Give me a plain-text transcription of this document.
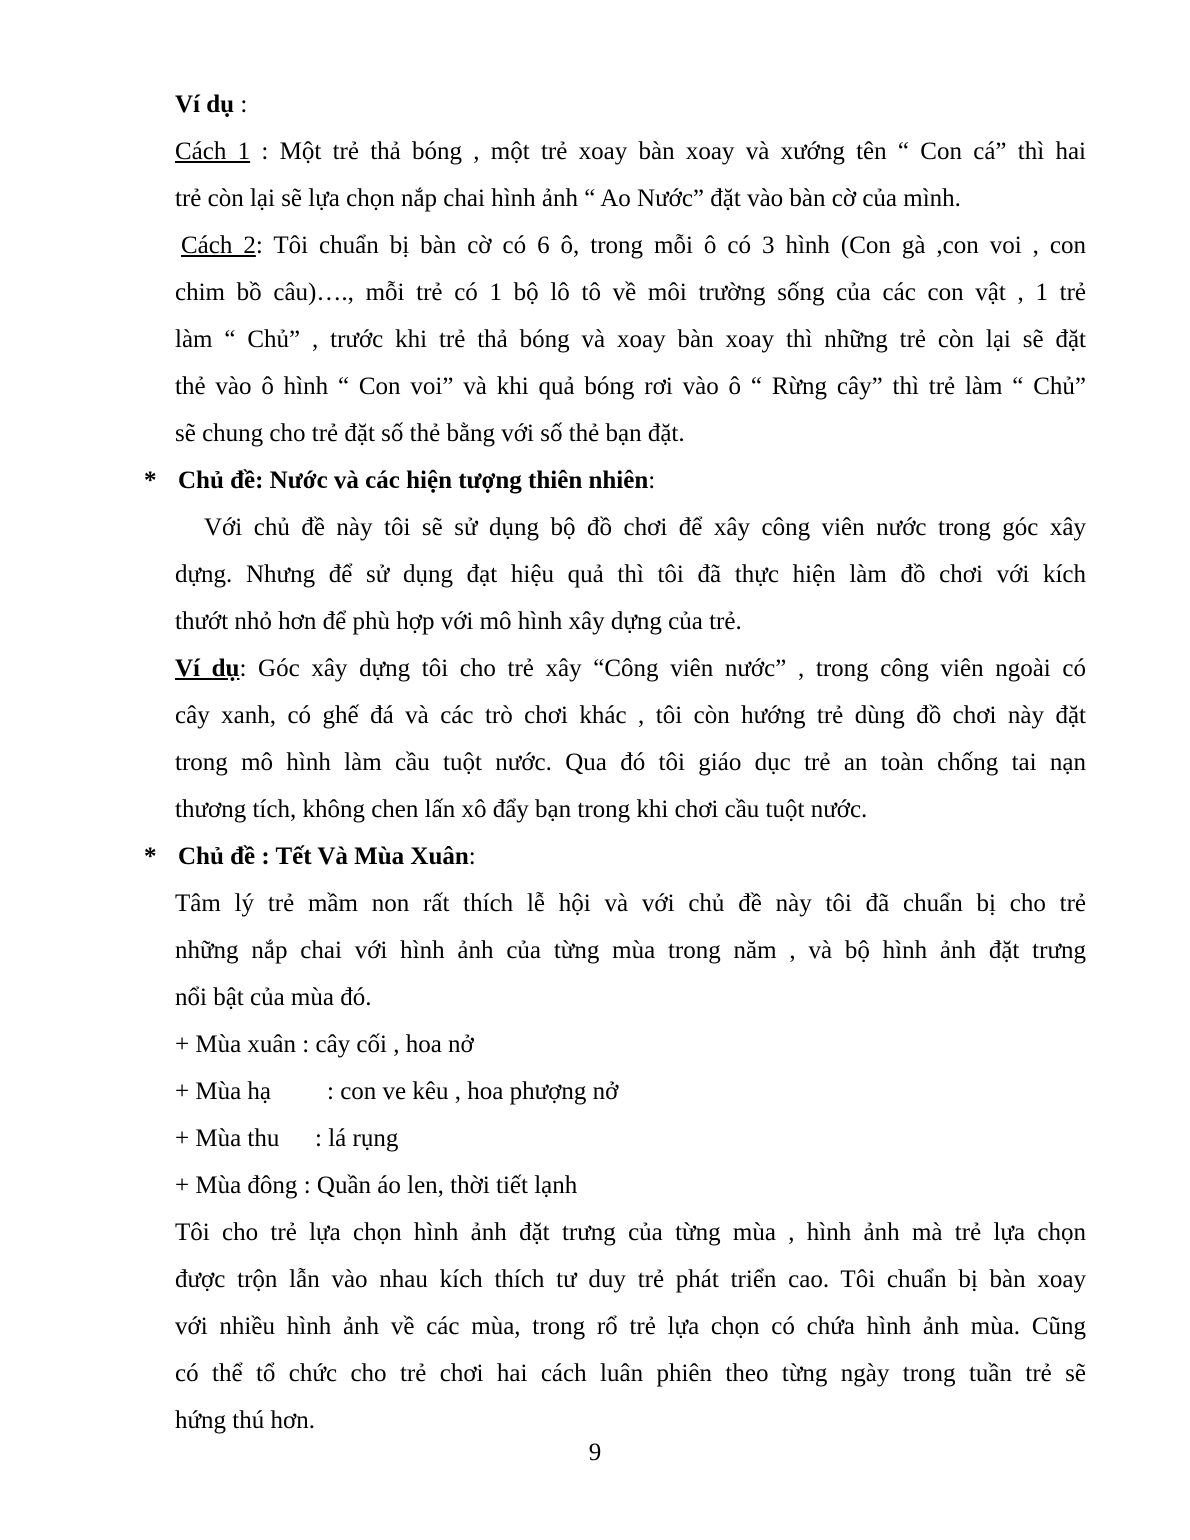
Ví dụ :
Cách 1 : Một trẻ thả bóng , một trẻ xoay bàn xoay và xướng tên “ Con cá” thì hai
trẻ còn lại sẽ lựa chọn nắp chai hình ảnh “ Ao Nước” đặt vào bàn cờ của mình.
Cách 2: Tôi chuẩn bị bàn cờ có 6 ô, trong mỗi ô có 3 hình (Con gà ,con voi , con
chim bồ câu)…., mỗi trẻ có 1 bộ lô tô về môi trường sống của các con vật , 1 trẻ
làm “ Chủ” , trước khi trẻ thả bóng và xoay bàn xoay thì những trẻ còn lại sẽ đặt
thẻ vào ô hình “ Con voi” và khi quả bóng rơi vào ô “ Rừng cây” thì trẻ làm “ Chủ”
sẽ chung cho trẻ đặt số thẻ bằng với số thẻ bạn đặt.
* Chủ đề: Nước và các hiện tượng thiên nhiên:
Với chủ đề này tôi sẽ sử dụng bộ đồ chơi để xây công viên nước trong góc xây
dựng. Nhưng để sử dụng đạt hiệu quả thì tôi đã thực hiện làm đồ chơi với kích
thướt nhỏ hơn để phù hợp với mô hình xây dựng của trẻ.
Ví dụ: Góc xây dựng tôi cho trẻ xây “Công viên nước” , trong công viên ngoài có
cây xanh, có ghế đá và các trò chơi khác , tôi còn hướng trẻ dùng đồ chơi này đặt
trong mô hình làm cầu tuột nước. Qua đó tôi giáo dục trẻ an toàn chống tai nạn
thương tích, không chen lấn xô đẩy bạn trong khi chơi cầu tuột nước.
* Chủ đề : Tết Và Mùa Xuân:
Tâm lý trẻ mầm non rất thích lễ hội và với chủ đề này tôi đã chuẩn bị cho trẻ
những nắp chai với hình ảnh của từng mùa trong năm , và bộ hình ảnh đặt trưng
nổi bật của mùa đó.
+ Mùa xuân : cây cối , hoa nở
+ Mùa hạ : con ve kêu , hoa phượng nở
+ Mùa thu : lá rụng
+ Mùa đông : Quần áo len, thời tiết lạnh
Tôi cho trẻ lựa chọn hình ảnh đặt trưng của từng mùa , hình ảnh mà trẻ lựa chọn
được trộn lẫn vào nhau kích thích tư duy trẻ phát triển cao. Tôi chuẩn bị bàn xoay
với nhiều hình ảnh về các mùa, trong rổ trẻ lựa chọn có chứa hình ảnh mùa. Cũng
có thể tổ chức cho trẻ chơi hai cách luân phiên theo từng ngày trong tuần trẻ sẽ
hứng thú hơn.
9
